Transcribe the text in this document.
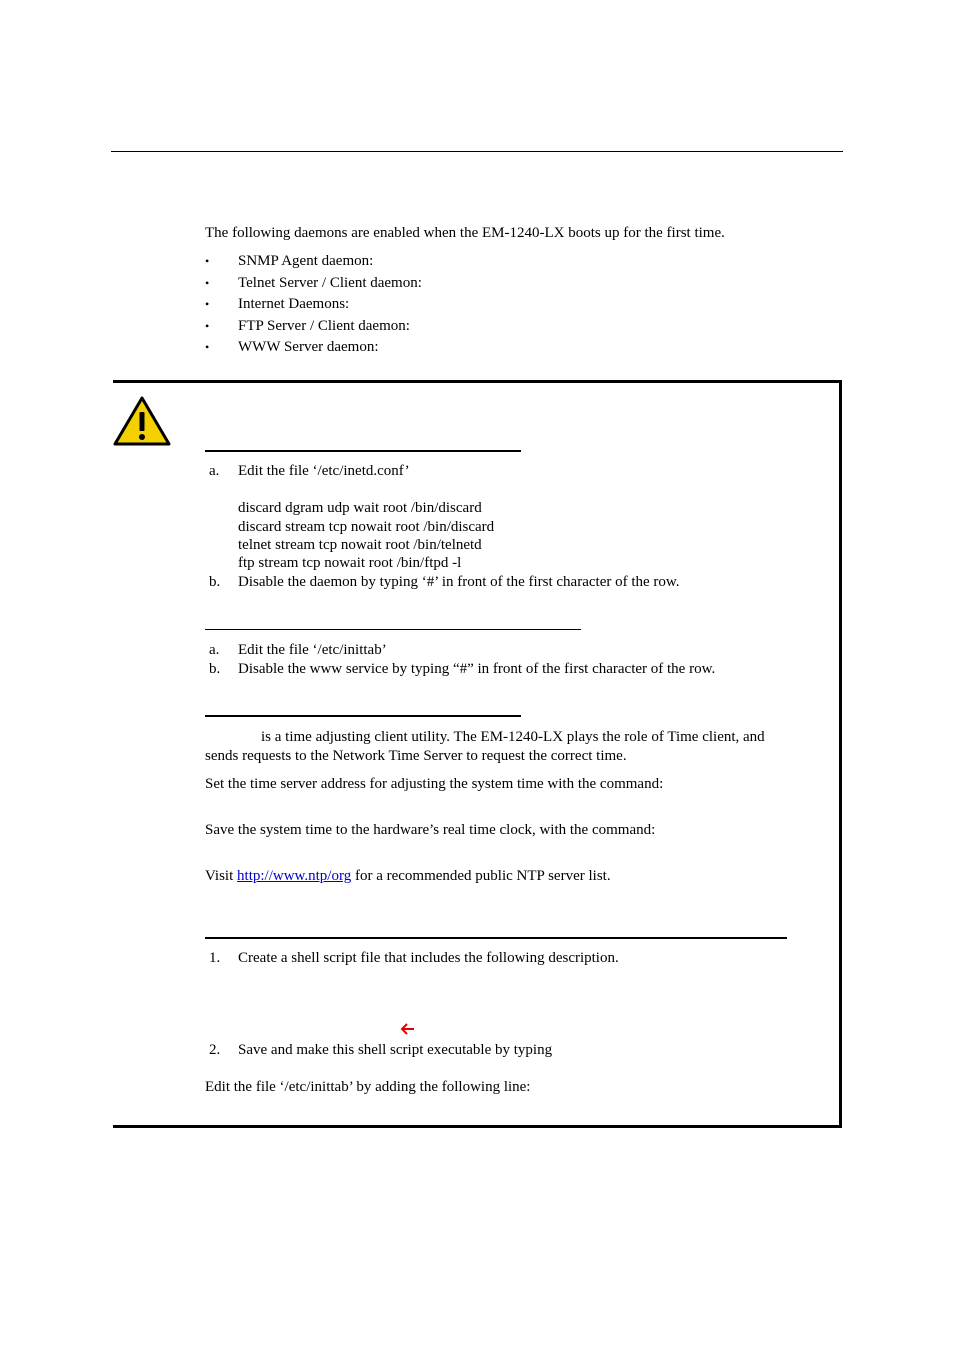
The following daemons are enabled when the EM-1240-LX boots up for the first time.

• SNMP Agent daemon:

• Telnet Server / Client daemon:

• Internet Daemons:

• FTP Server / Client daemon:

• WWW Server daemon:

a. Edit the file ‘/etc/inetd.conf’

discard dgram udp wait root /bin/discard

discard stream tcp nowait root /bin/discard

telnet stream tcp nowait root /bin/telnetd

ftp stream tcp nowait root /bin/ftpd -l

b. Disable the daemon by typing ‘#’ in front of the first character of the row.

a. Edit the file ‘/etc/inittab’

b. Disable the www service by typing “#” in front of the first character of the row.

is a time adjusting client utility. The EM-1240-LX plays the role of Time client, and

sends requests to the Network Time Server to request the correct time.

Set the time server address for adjusting the system time with the command:

Save the system time to the hardware’s real time clock, with the command:

Visit http://www.ntp/org for a recommended public NTP server list.

1. Create a shell script file that includes the following description.

2. Save and make this shell script executable by typing

Edit the file ‘/etc/inittab’ by adding the following line:
